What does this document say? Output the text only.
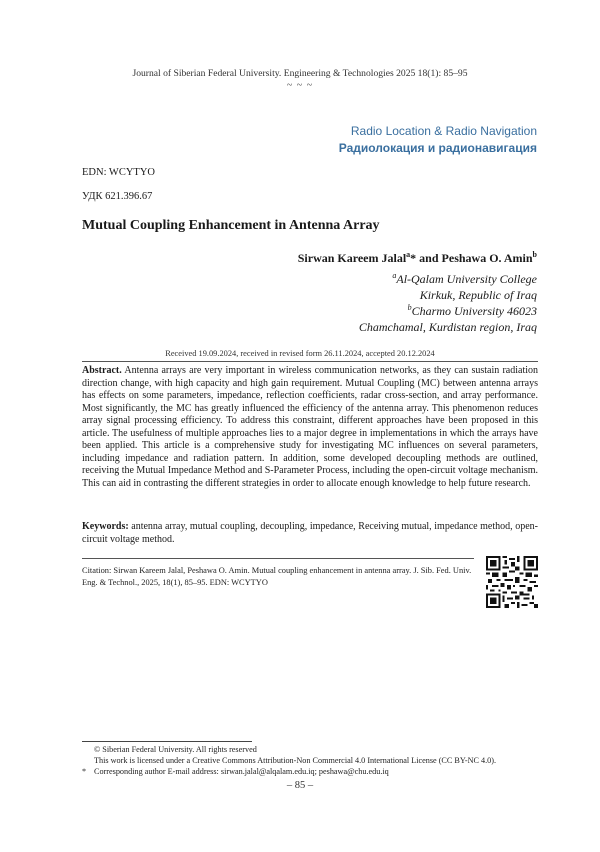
Journal of Siberian Federal University. Engineering & Technologies 2025 18(1): 85–95
~ ~ ~
Radio Location & Radio Navigation
Радиолокация и радионавигация
EDN: WCYTYO
УДК 621.396.67
Mutual Coupling Enhancement in Antenna Array
Sirwan Kareem Jalal$^a$* and Peshawa O. Amin$^b$
$^a$Al-Qalam University College
Kirkuk, Republic of Iraq
$^b$Charmo University 46023
Chamchamal, Kurdistan region, Iraq
Received 19.09.2024, received in revised form 26.11.2024, accepted 20.12.2024

Abstract. Antenna arrays are very important in wireless communication networks, as they can sustain radiation direction change, with high capacity and high gain requirement. Mutual Coupling (MC) between antenna arrays has effects on some parameters, impedance, reflection coefficients, radar cross-section, and array performance. Most significantly, the MC has greatly influenced the efficiency of the antenna array. This phenomenon reduces array signal processing efficiency. To address this constraint, different approaches have been proposed in this article. The usefulness of multiple approaches lies to a major degree in implementations in which the arrays have been applied. This article is a comprehensive study for investigating MC influences on several parameters, including impedance and radiation pattern. In addition, some developed decoupling methods are outlined, receiving the Mutual Impedance Method and S-Parameter Process, including the open-circuit voltage mechanism. This can aid in contrasting the different strategies in order to allocate enough knowledge to help future research.

Keywords: antenna array, mutual coupling, decoupling, impedance, Receiving mutual, impedance method, open-circuit voltage method.

Citation: Sirwan Kareem Jalal, Peshawa O. Amin. Mutual coupling enhancement in antenna array. J. Sib. Fed. Univ. Eng. & Technol., 2025, 18(1), 85–95. EDN: WCYTYO

© Siberian Federal University. All rights reserved
This work is licensed under a Creative Commons Attribution-Non Commercial 4.0 International License (CC BY-NC 4.0).
* Corresponding author E-mail address: sirwan.jalal@alqalam.edu.iq; peshawa@chu.edu.iq
– 85 –
